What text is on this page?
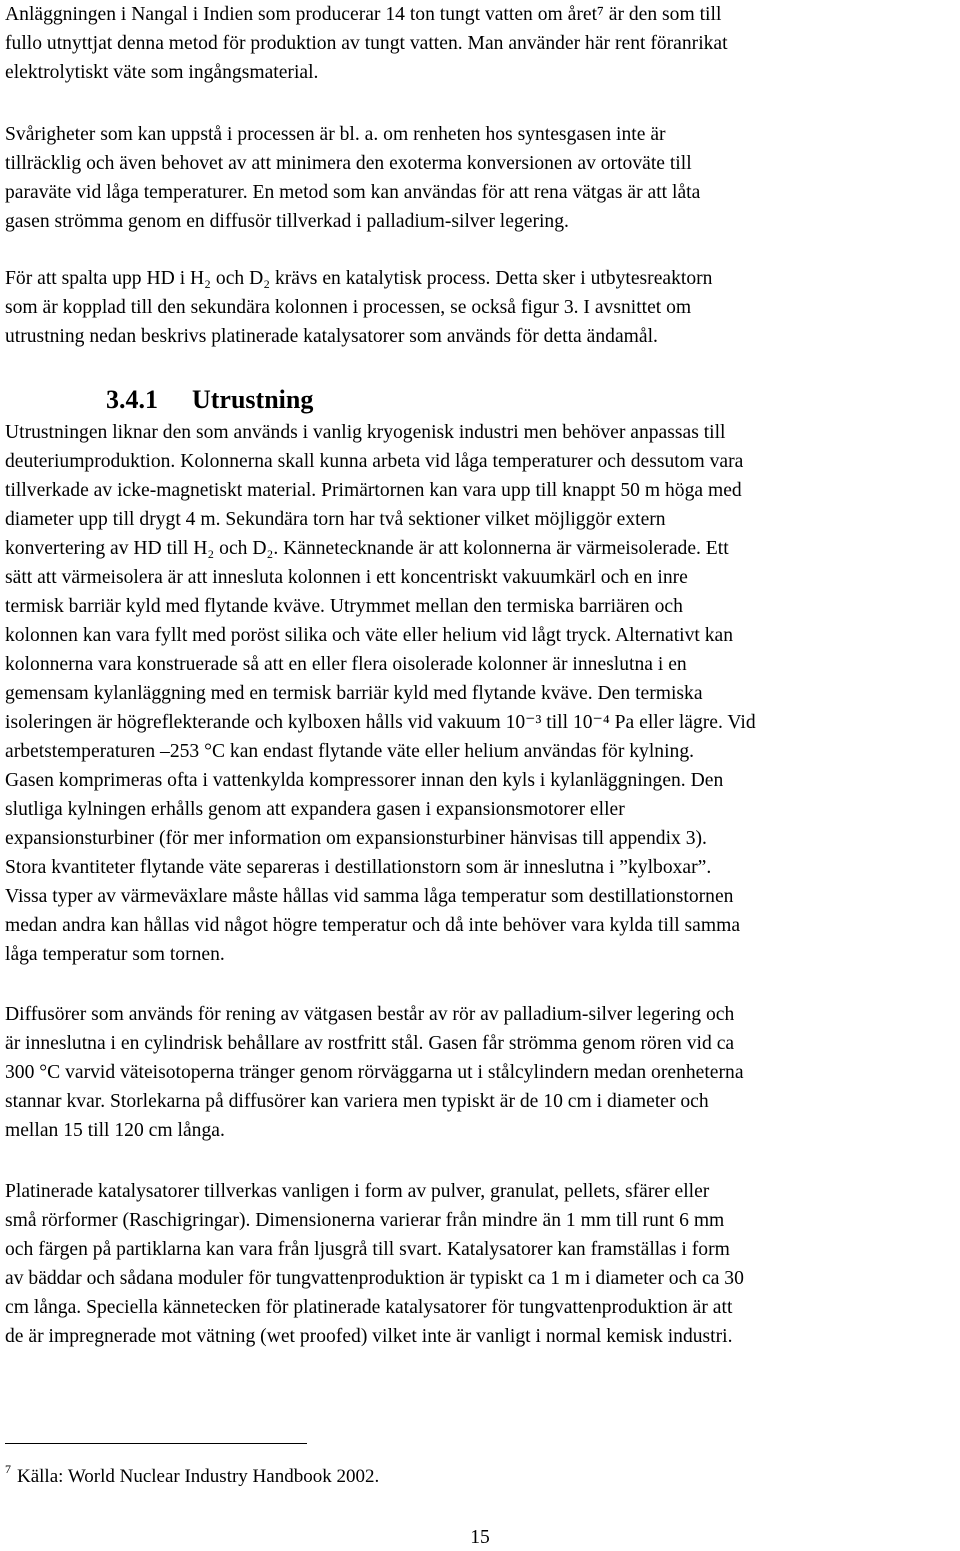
Anläggningen i Nangal i Indien som producerar 14 ton tungt vatten om året⁷ är den som till
fullo utnyttjat denna metod för produktion av tungt vatten. Man använder här rent föranrikat
elektrolytiskt väte som ingångsmaterial.

Svårigheter som kan uppstå i processen är bl. a. om renheten hos syntesgasen inte är
tillräcklig och även behovet av att minimera den exoterma konversionen av ortoväte till
paraväte vid låga temperaturer. En metod som kan användas för att rena vätgas är att låta
gasen strömma genom en diffusör tillverkad i palladium-silver legering.

För att spalta upp HD i H₂ och D₂ krävs en katalytisk process. Detta sker i utbytesreaktorn
som är kopplad till den sekundära kolonnen i processen, se också figur 3. I avsnittet om
utrustning nedan beskrivs platinerade katalysatorer som används för detta ändamål.

3.4.1 Utrustning

Utrustningen liknar den som används i vanlig kryogenisk industri men behöver anpassas till
deuteriumproduktion. Kolonnerna skall kunna arbeta vid låga temperaturer och dessutom vara
tillverkade av icke-magnetiskt material. Primärtornen kan vara upp till knappt 50 m höga med
diameter upp till drygt 4 m. Sekundära torn har två sektioner vilket möjliggör extern
konvertering av HD till H₂ och D₂. Kännetecknande är att kolonnerna är värmeisolerade. Ett
sätt att värmeisolera är att innesluta kolonnen i ett koncentriskt vakuumkärl och en inre
termisk barriär kyld med flytande kväve. Utrymmet mellan den termiska barriären och
kolonnen kan vara fyllt med poröst silika och väte eller helium vid lågt tryck. Alternativt kan
kolonnerna vara konstruerade så att en eller flera oisolerade kolonner är inneslutna i en
gemensam kylanläggning med en termisk barriär kyld med flytande kväve. Den termiska
isoleringen är högreflekterande och kylboxen hålls vid vakuum 10⁻³ till 10⁻⁴ Pa eller lägre. Vid
arbetstemperaturen –253 °C kan endast flytande väte eller helium användas för kylning.
Gasen komprimeras ofta i vattenkylda kompressorer innan den kyls i kylanläggningen. Den
slutliga kylningen erhålls genom att expandera gasen i expansionsmotorer eller
expansionsturbiner (för mer information om expansionsturbiner hänvisas till appendix 3).
Stora kvantiteter flytande väte separeras i destillationstorn som är inneslutna i ”kylboxar”.
Vissa typer av värmeväxlare måste hållas vid samma låga temperatur som destillationstornen
medan andra kan hållas vid något högre temperatur och då inte behöver vara kylda till samma
låga temperatur som tornen.

Diffusörer som används för rening av vätgasen består av rör av palladium-silver legering och
är inneslutna i en cylindrisk behållare av rostfritt stål. Gasen får strömma genom rören vid ca
300 °C varvid väteisotoperna tränger genom rörväggarna ut i stålcylindern medan orenheterna
stannar kvar. Storlekarna på diffusörer kan variera men typiskt är de 10 cm i diameter och
mellan 15 till 120 cm långa.

Platinerade katalysatorer tillverkas vanligen i form av pulver, granulat, pellets, sfärer eller
små rörformer (Raschigringar). Dimensionerna varierar från mindre än 1 mm till runt 6 mm
och färgen på partiklarna kan vara från ljusgrå till svart. Katalysatorer kan framställas i form
av bäddar och sådana moduler för tungvattenproduktion är typiskt ca 1 m i diameter och ca 30
cm långa. Speciella kännetecken för platinerade katalysatorer för tungvattenproduktion är att
de är impregnerade mot vätning (wet proofed) vilket inte är vanligt i normal kemisk industri.

$^7$ Källa: World Nuclear Industry Handbook 2002.

15
